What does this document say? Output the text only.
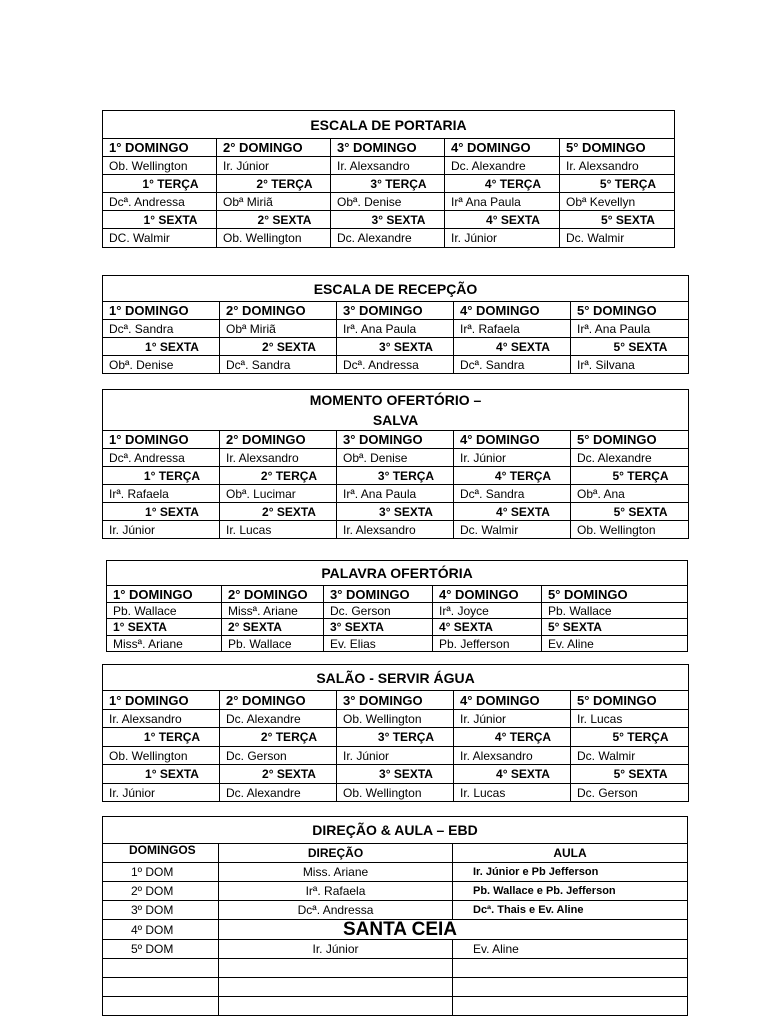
ESCALA DE PORTARIA				
1° DOMINGO	2° DOMINGO	3° DOMINGO	4° DOMINGO	5° DOMINGO
Ob. Wellington	Ir. Júnior	Ir. Alexsandro	Dc. Alexandre	Ir. Alexsandro
1° TERÇA	2° TERÇA	3° TERÇA	4° TERÇA	5° TERÇA
Dcª. Andressa	Obª Miriã	Obª. Denise	Irª Ana Paula	Obª Kevellyn
1° SEXTA	2° SEXTA	3° SEXTA	4° SEXTA	5° SEXTA
DC. Walmir	Ob. Wellington	Dc. Alexandre	Ir. Júnior	Dc. Walmir
ESCALA DE RECEPÇÃO				
1° DOMINGO	2° DOMINGO	3° DOMINGO	4° DOMINGO	5° DOMINGO
Dcª. Sandra	Obª Miriã	Irª. Ana Paula	Irª. Rafaela	Irª. Ana Paula
1° SEXTA	2° SEXTA	3° SEXTA	4° SEXTA	5° SEXTA
Obª. Denise	Dcª. Sandra	Dcª. Andressa	Dcª. Sandra	Irª. Silvana
MOMENTO OFERTÓRIO –
SALVA				

1° DOMINGO	2° DOMINGO	3° DOMINGO	4° DOMINGO	5° DOMINGO
Dcª. Andressa	Ir. Alexsandro	Obª. Denise	Ir. Júnior	Dc. Alexandre
1° TERÇA	2° TERÇA	3° TERÇA	4° TERÇA	5° TERÇA
Irª. Rafaela	Obª. Lucimar	Irª. Ana Paula	Dcª. Sandra	Obª. Ana
1° SEXTA	2° SEXTA	3° SEXTA	4° SEXTA	5° SEXTA
Ir. Júnior	Ir. Lucas	Ir. Alexsandro	Dc. Walmir	Ob. Wellington
PALAVRA OFERTÓRIA				
1° DOMINGO	2° DOMINGO	3° DOMINGO	4° DOMINGO	5° DOMINGO
Pb. Wallace	Missª. Ariane	Dc. Gerson	Irª. Joyce	Pb. Wallace
1° SEXTA	2° SEXTA	3° SEXTA	4° SEXTA	5° SEXTA
Missª. Ariane	Pb. Wallace	Ev. Elias	Pb. Jefferson	Ev. Aline
SALÃO - SERVIR ÁGUA				
1° DOMINGO	2° DOMINGO	3° DOMINGO	4° DOMINGO	5° DOMINGO
Ir. Alexsandro	Dc. Alexandre	Ob. Wellington	Ir. Júnior	Ir. Lucas
1° TERÇA	2° TERÇA	3° TERÇA	4° TERÇA	5° TERÇA
Ob. Wellington	Dc. Gerson	Ir. Júnior	Ir. Alexsandro	Dc. Walmir
1° SEXTA	2° SEXTA	3° SEXTA	4° SEXTA	5° SEXTA
Ir. Júnior	Dc. Alexandre	Ob. Wellington	Ir. Lucas	Dc. Gerson
DIREÇÃO & AULA – EBD		
DOMINGOS	DIREÇÃO	AULA
1º DOM	Miss. Ariane	Ir. Júnior e Pb Jefferson
2º DOM	Irª. Rafaela	Pb. Wallace e Pb. Jefferson
3º DOM	Dcª. Andressa	Dcª. Thais e Ev. Aline
4º DOM	SANTA CEIA	
5º DOM	Ir. Júnior	Ev. Aline
